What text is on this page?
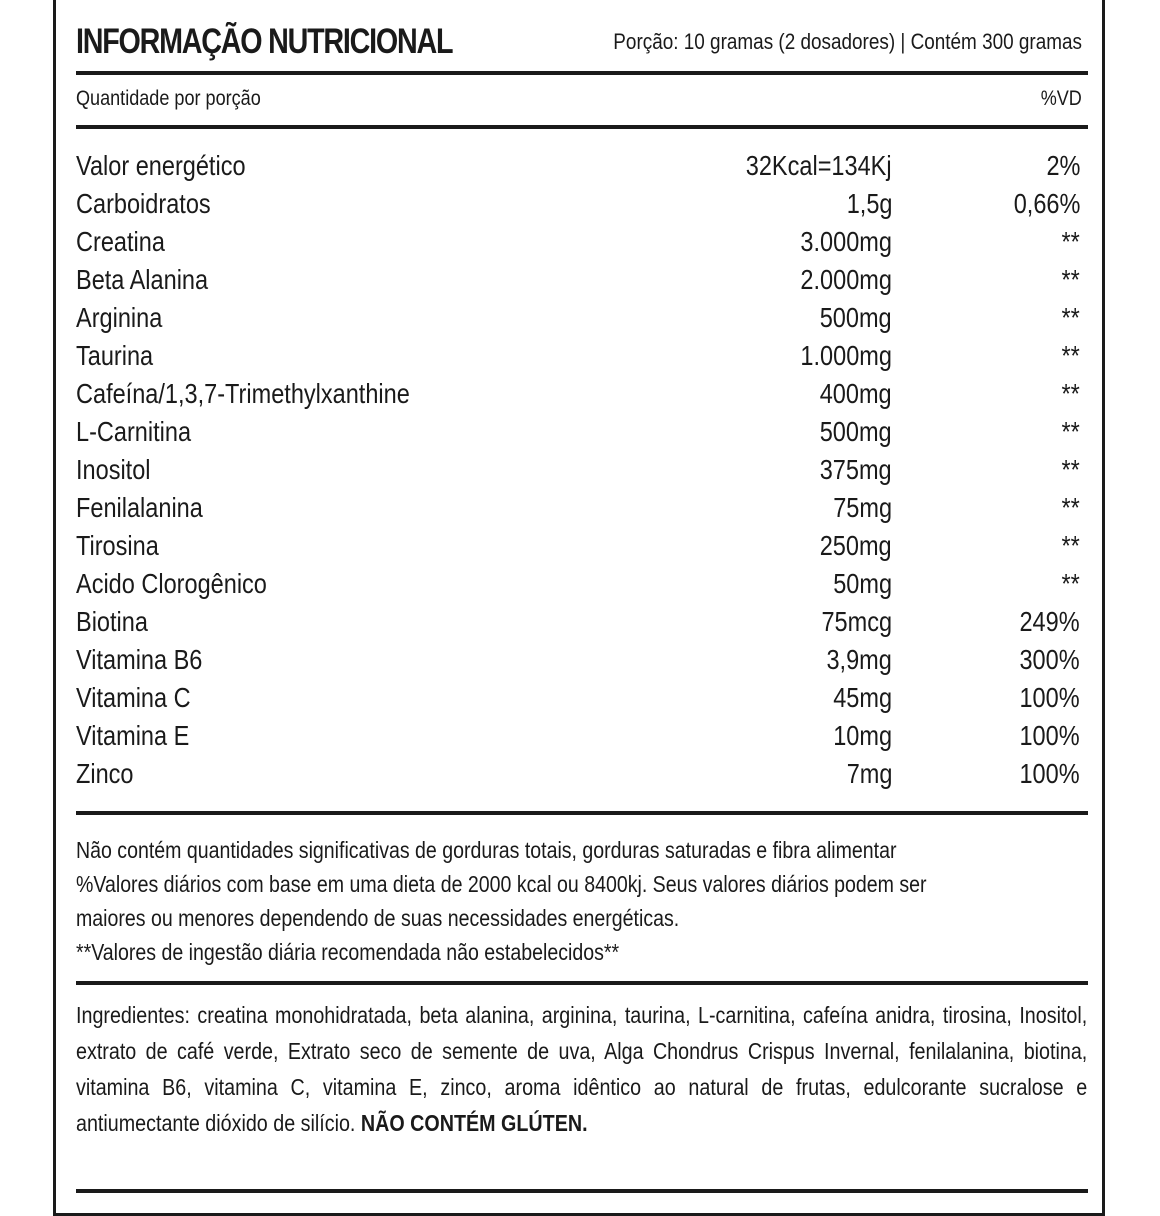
INFORMAÇÃO NUTRICIONAL	Porção: 10 gramas (2 dosadores) | Contém 300 gramas
Quantidade por porção	%VD
Valor energético	32Kcal=134Kj	2%
Carboidratos	1,5g	0,66%
Creatina	3.000mg	**
Beta Alanina	2.000mg	**
Arginina	500mg	**
Taurina	1.000mg	**
Cafeína/1,3,7-Trimethylxanthine	400mg	**
L-Carnitina	500mg	**
Inositol	375mg	**
Fenilalanina	75mg	**
Tirosina	250mg	**
Acido Clorogênico	50mg	**
Biotina	75mcg	249%
Vitamina B6	3,9mg	300%
Vitamina C	45mg	100%
Vitamina E	10mg	100%
Zinco	7mg	100%

Não contém quantidades significativas de gorduras totais, gorduras saturadas e fibra alimentar

%Valores diários com base em uma dieta de 2000 kcal ou 8400kj. Seus valores diários podem ser

maiores ou menores dependendo de suas necessidades energéticas.

**Valores de ingestão diária recomendada não estabelecidos**

Ingredientes: creatina monohidratada, beta alanina, arginina, taurina, L-carnitina, cafeína anidra, tirosina, Inositol, extrato de café verde, Extrato seco de semente de uva, Alga Chondrus Crispus Invernal, fenilalanina, biotina, vitamina B6, vitamina C, vitamina E, zinco, aroma idêntico ao natural de frutas, edulcorante sucralose e antiumectante dióxido de silício. NÃO CONTÉM GLÚTEN.
